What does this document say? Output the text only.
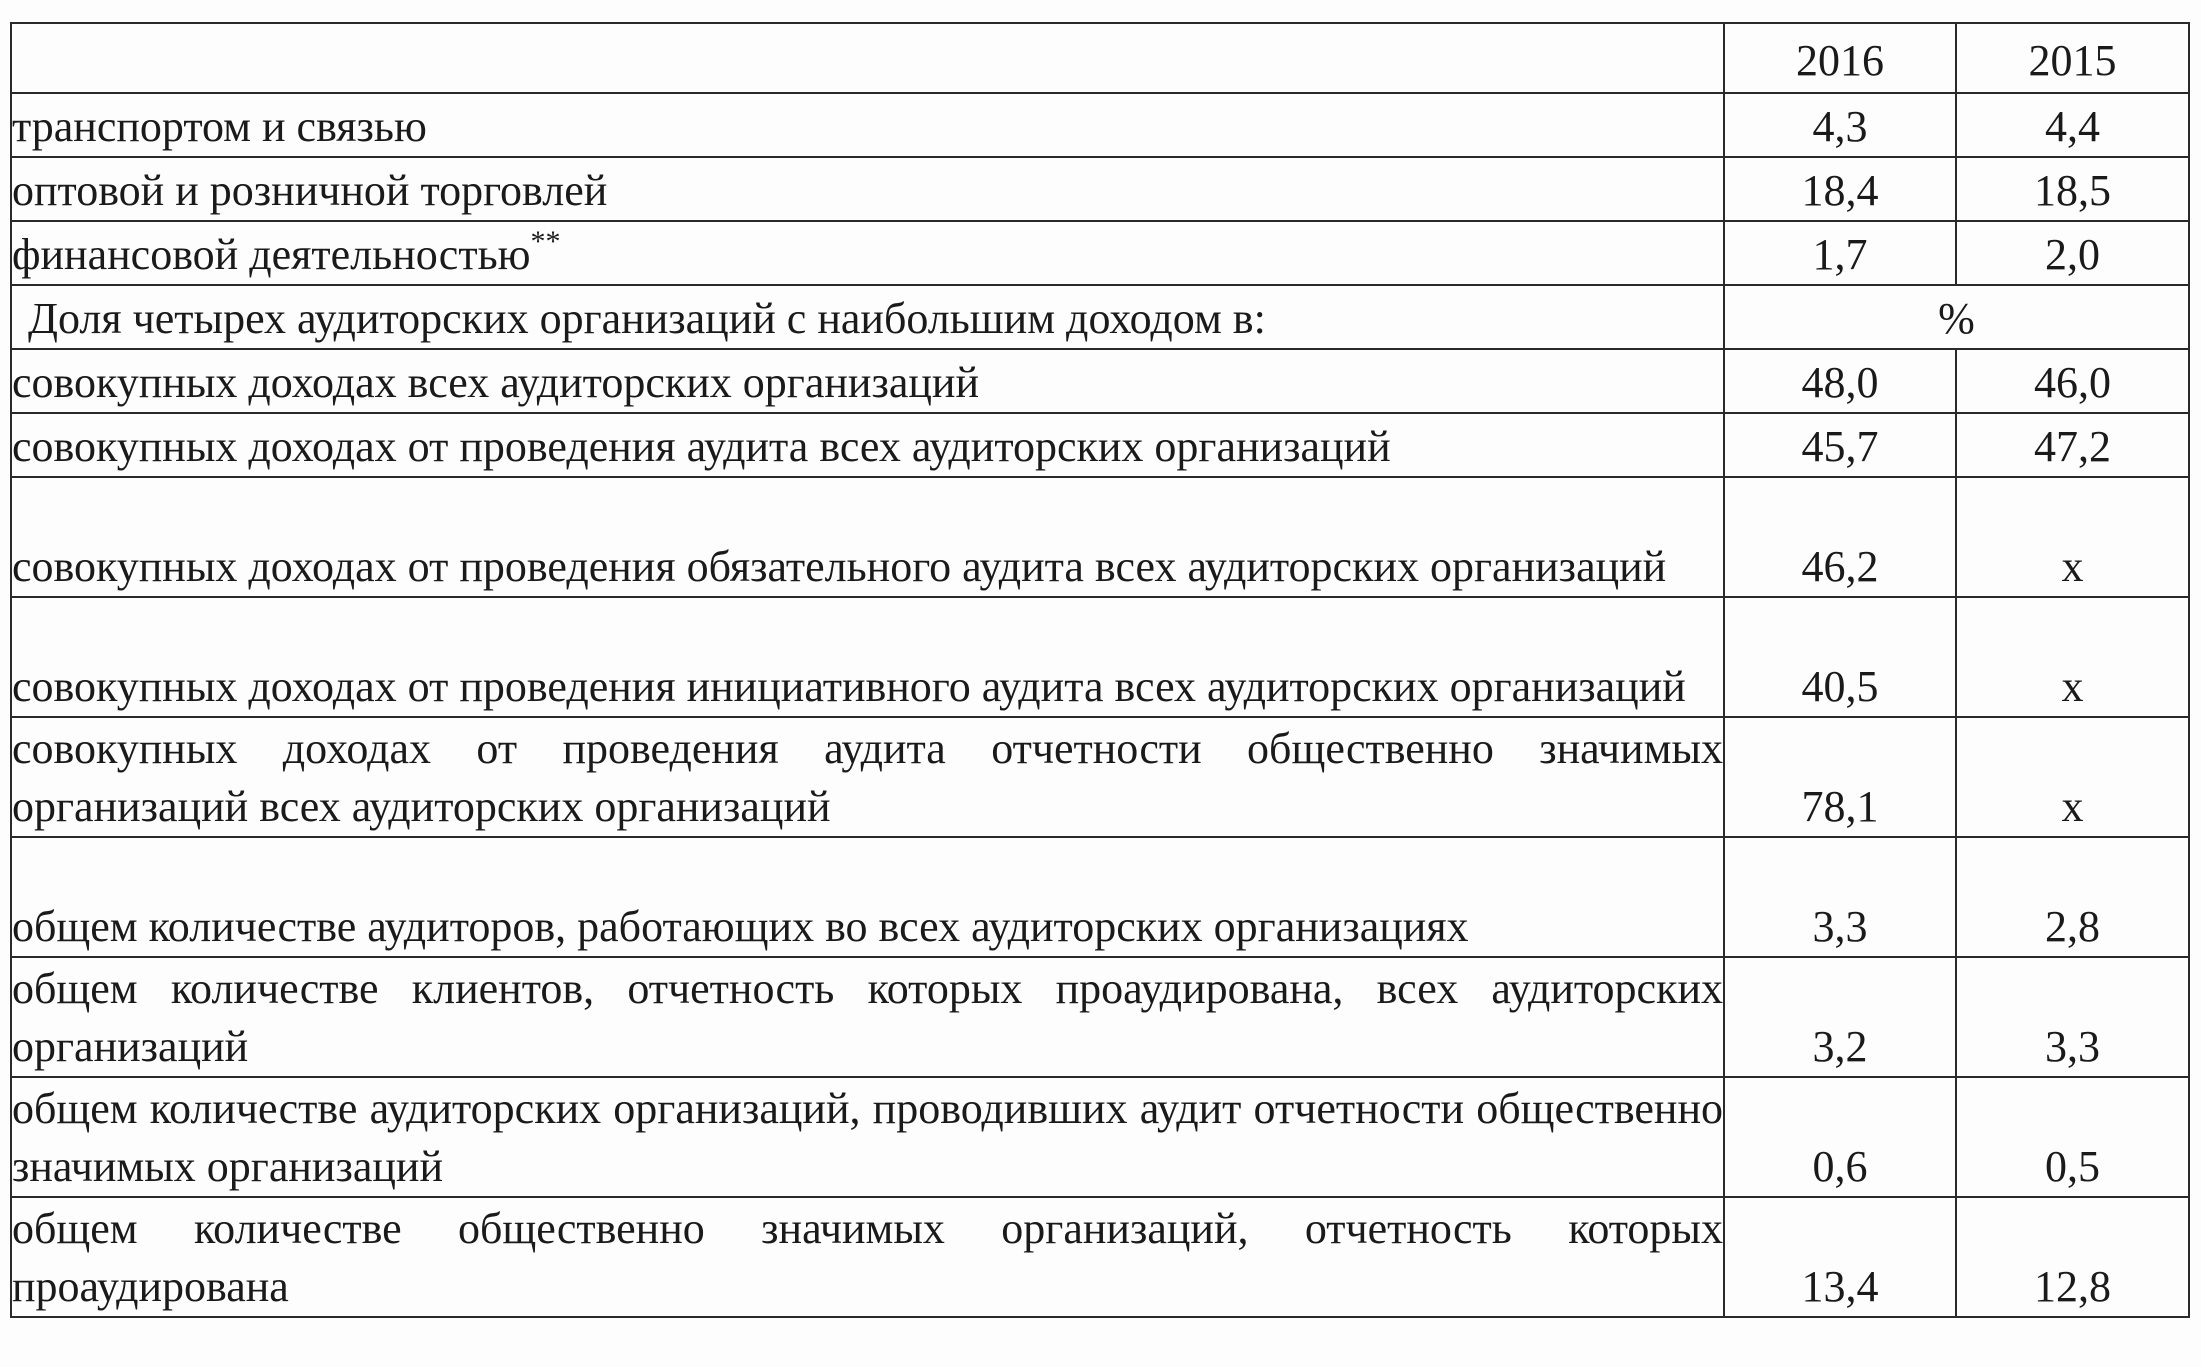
	2016	2015
транспортом и связью	4,3	4,4
оптовой и розничной торговлей	18,4	18,5
финансовой деятельностью**	1,7	2,0
Доля четырех аудиторских организаций с наибольшим доходом в:	%	
совокупных доходах всех аудиторских организаций	48,0	46,0
совокупных доходах от проведения аудита всех аудиторских организаций	45,7	47,2
совокупных доходах от проведения обязательного аудита всех аудиторских организаций	46,2	x
совокупных доходах от проведения инициативного аудита всех аудиторских организаций	40,5	x
совокупных доходах от проведения аудита отчетности общественно значимых организаций всех аудиторских организаций	78,1	x
общем количестве аудиторов, работающих во всех аудиторских организациях	3,3	2,8
общем количестве клиентов, отчетность которых проаудирована, всех аудиторских организаций	3,2	3,3
общем количестве аудиторских организаций, проводивших аудит отчетности общественно значимых организаций	0,6	0,5
общем количестве общественно значимых организаций, отчетность которых проаудирована	13,4	12,8
